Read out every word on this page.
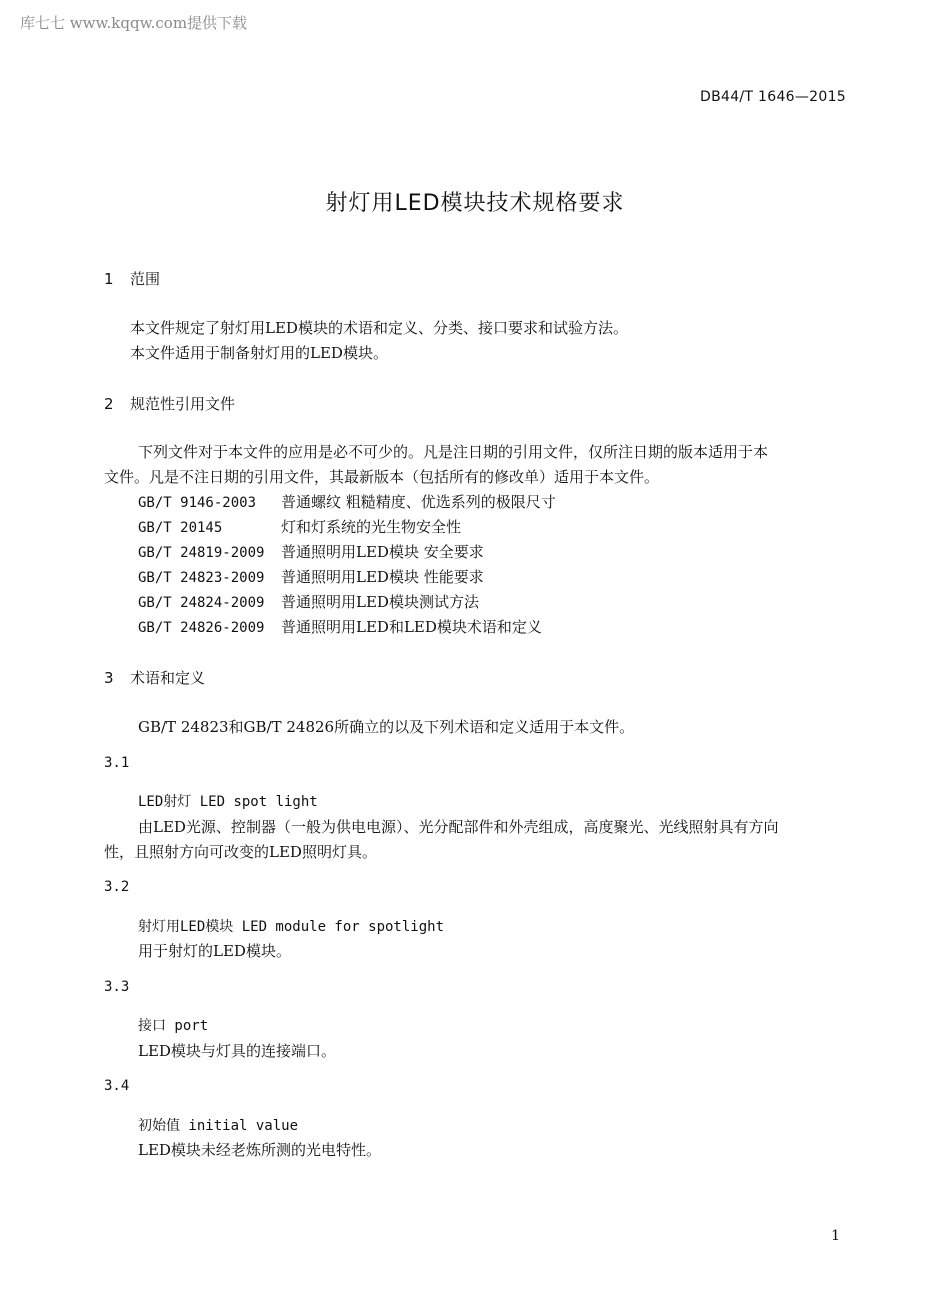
库七七 www.kqqw.com提供下载
DB44/T 1646—2015
射灯用LED模块技术规格要求
1 范围
本文件规定了射灯用LED模块的术语和定义、分类、接口要求和试验方法。
本文件适用于制备射灯用的LED模块。
2 规范性引用文件
下列文件对于本文件的应用是必不可少的。凡是注日期的引用文件，仅所注日期的版本适用于本
文件。凡是不注日期的引用文件，其最新版本（包括所有的修改单）适用于本文件。
GB/T 9146-2003 普通螺纹 粗糙精度、优选系列的极限尺寸
GB/T 20145	灯和灯系统的光生物安全性
GB/T 24819-2009 普通照明用LED模块 安全要求
GB/T 24823-2009 普通照明用LED模块 性能要求
GB/T 24824-2009 普通照明用LED模块测试方法
GB/T 24826-2009 普通照明用LED和LED模块术语和定义
3 术语和定义
GB/T 24823和GB/T 24826所确立的以及下列术语和定义适用于本文件。
3.1
LED射灯 LED spot light
由LED光源、控制器（一般为供电电源）、光分配部件和外壳组成，高度聚光、光线照射具有方向
性，且照射方向可改变的LED照明灯具。
3.2
射灯用LED模块 LED module for spotlight
用于射灯的LED模块。
3.3
接口 port
LED模块与灯具的连接端口。
3.4
初始值 initial value
LED模块未经老炼所测的光电特性。
1
